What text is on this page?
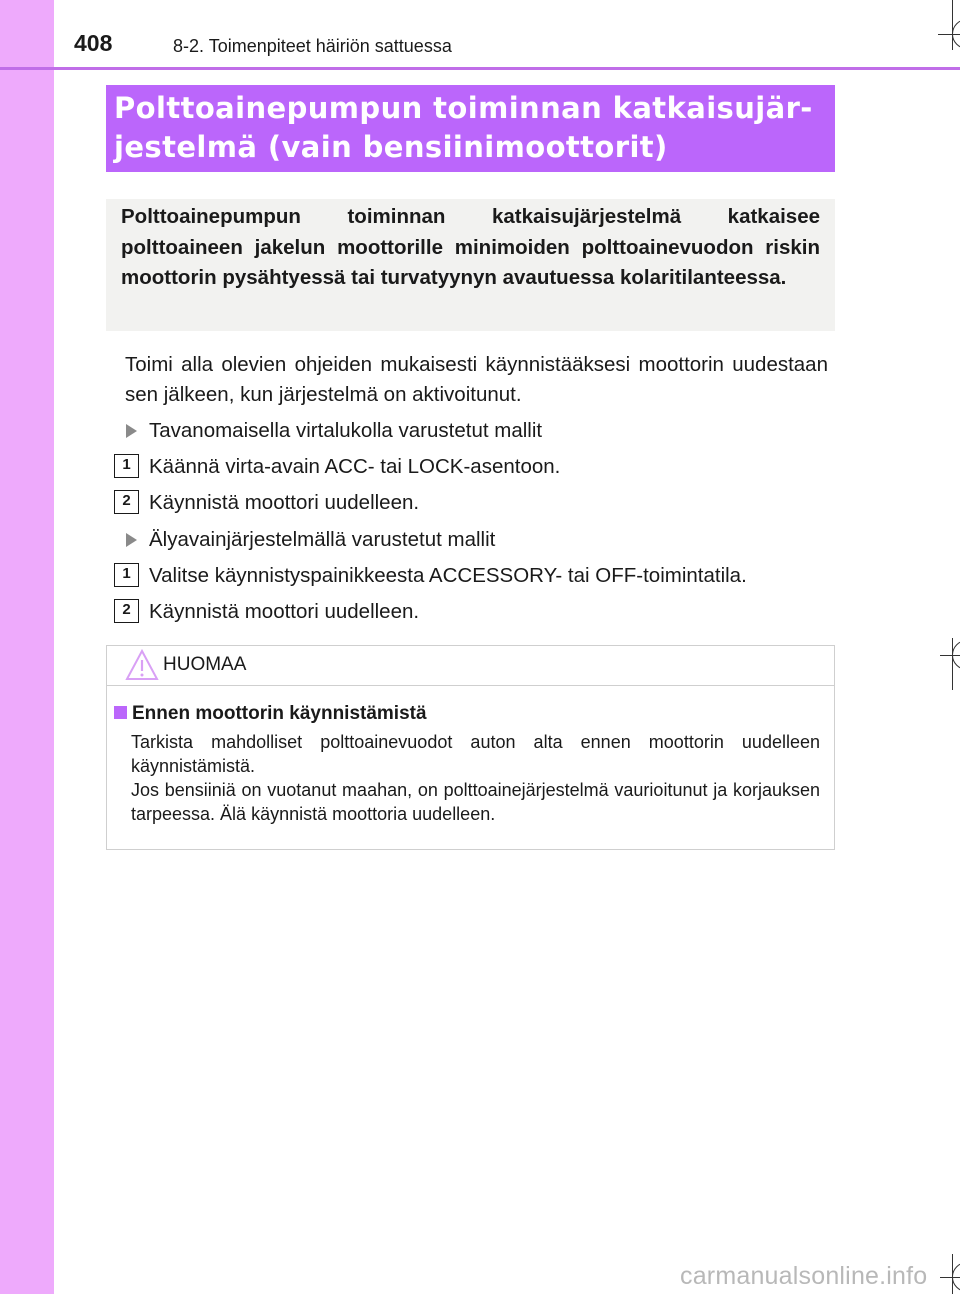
408	8-2. Toimenpiteet häiriön sattuessa
Polttoainepumpun toiminnan katkaisujär-
jestelmä (vain bensiinimoottorit)
Polttoainepumpun toiminnan katkaisujärjestelmä katkaisee polttoaineen jakelun moottorille minimoiden polttoainevuodon riskin moottorin pysähtyessä tai turvatyynyn avautuessa kolaritilanteessa.
Toimi alla olevien ohjeiden mukaisesti käynnistääksesi moottorin uudestaan sen jälkeen, kun järjestelmä on aktivoitunut.
Tavanomaisella virtalukolla varustetut mallit
1 Käännä virta-avain ACC- tai LOCK-asentoon.
2 Käynnistä moottori uudelleen.
Älyavainjärjestelmällä varustetut mallit
1 Valitse käynnistyspainikkeesta ACCESSORY- tai OFF-toimintatila.
2 Käynnistä moottori uudelleen.
HUOMAA
Ennen moottorin käynnistämistä

Tarkista mahdolliset polttoainevuodot auton alta ennen moottorin uudelleen käynnistämistä.

Jos bensiiniä on vuotanut maahan, on polttoainejärjestelmä vaurioitunut ja korjauksen tarpeessa. Älä käynnistä moottoria uudelleen.

carmanualsonline.info
